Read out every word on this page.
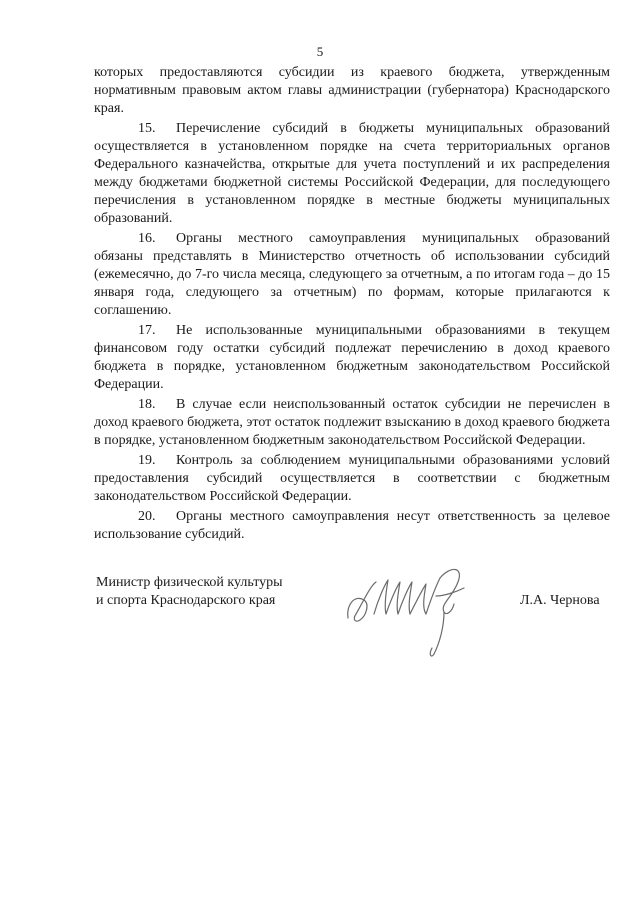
5

которых предоставляются субсидии из краевого бюджета, утвержденным нормативным правовым актом главы администрации (губернатора) Краснодарского края.

15. Перечисление субсидий в бюджеты муниципальных образований осуществляется в установленном порядке на счета территориальных органов Федерального казначейства, открытые для учета поступлений и их распределения между бюджетами бюджетной системы Российской Федерации, для последующего перечисления в установленном порядке в местные бюджеты муниципальных образований.

16. Органы местного самоуправления муниципальных образований обязаны представлять в Министерство отчетность об использовании субсидий (ежемесячно, до 7-го числа месяца, следующего за отчетным, а по итогам года – до 15 января года, следующего за отчетным) по формам, которые прилагаются к соглашению.

17. Не использованные муниципальными образованиями в текущем финансовом году остатки субсидий подлежат перечислению в доход краевого бюджета в порядке, установленном бюджетным законодательством Российской Федерации.

18. В случае если неиспользованный остаток субсидии не перечислен в доход краевого бюджета, этот остаток подлежит взысканию в доход краевого бюджета в порядке, установленном бюджетным законодательством Российской Федерации.

19. Контроль за соблюдением муниципальными образованиями условий предоставления субсидий осуществляется в соответствии с бюджетным законодательством Российской Федерации.

20. Органы местного самоуправления несут ответственность за целевое использование субсидий.

Министр физической культуры
и спорта Краснодарского края	Л.А. Чернова
